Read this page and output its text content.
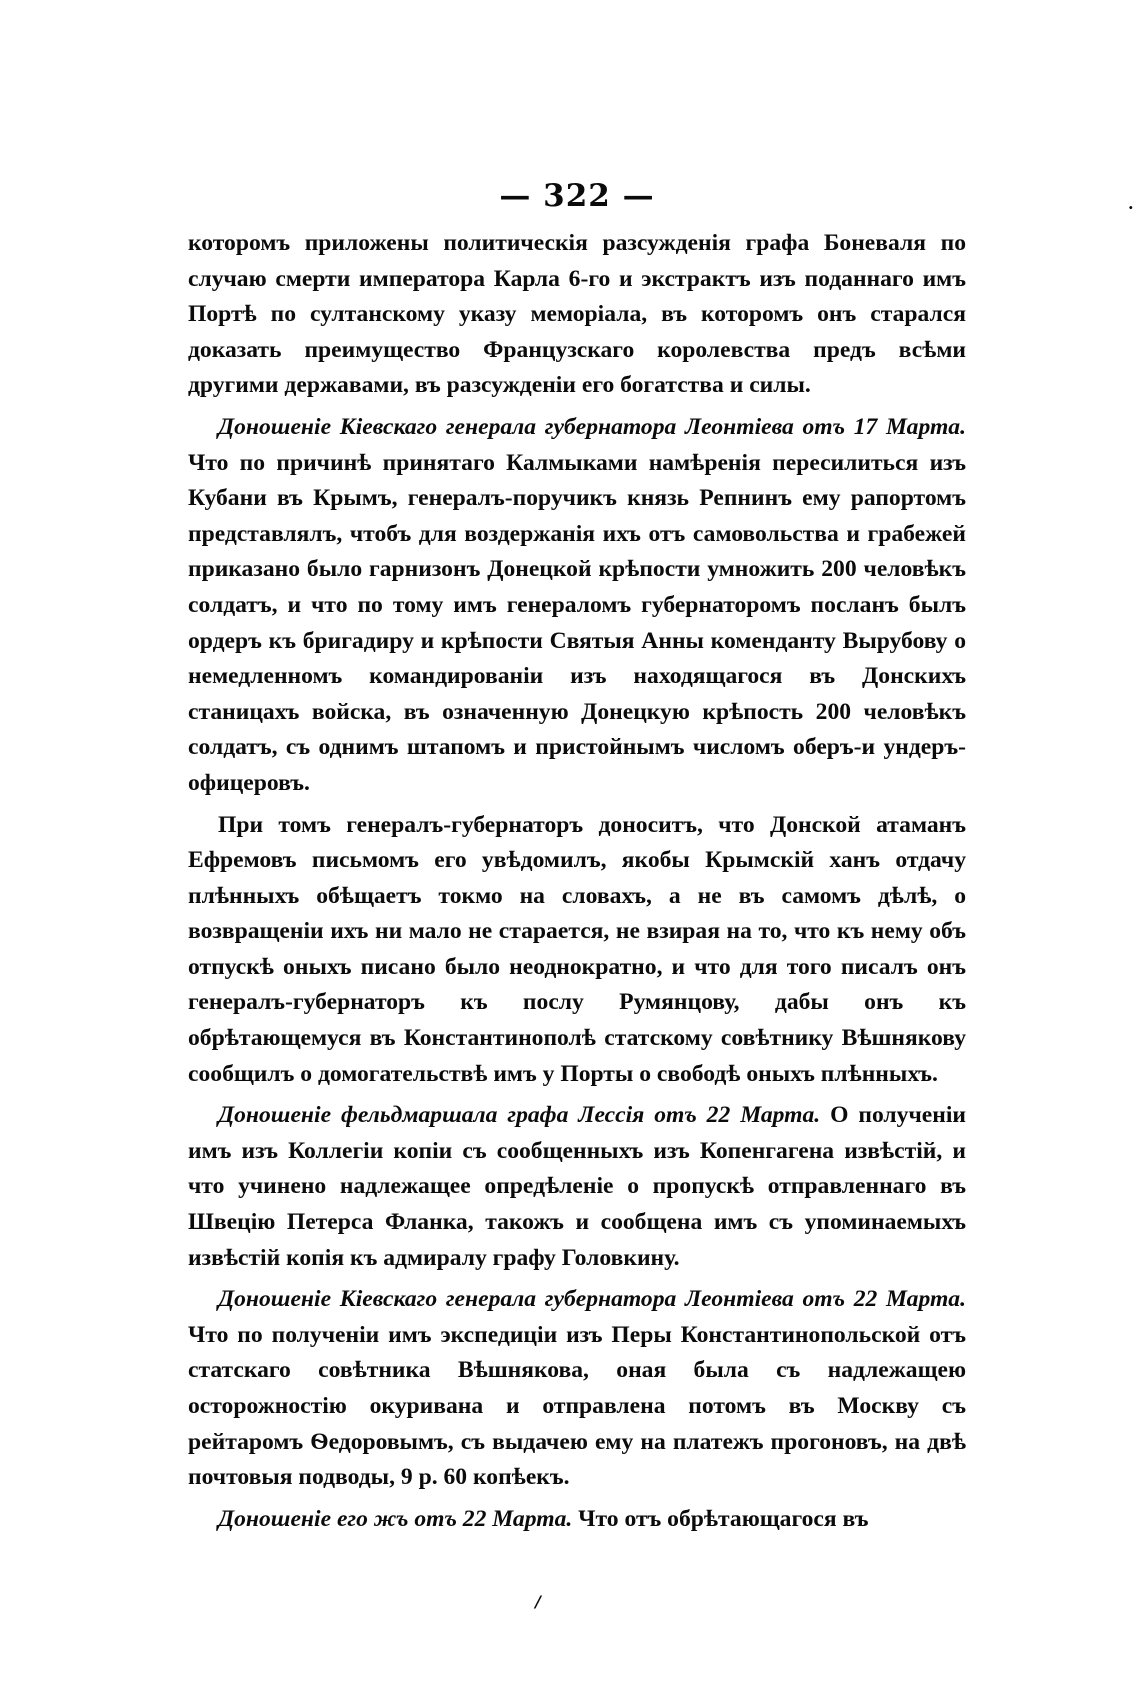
— 322 —

которомъ приложены политическія разсужденія графа Боневаля по случаю смерти императора Карла 6-го и экстрактъ изъ поданнаго имъ Портѣ по султанскому указу меморіала, въ которомъ онъ старался доказать преимущество Французскаго королевства предъ всѣми другими державами, въ разсужденіи его богатства и силы.

Доношеніе Кіевскаго генерала губернатора Леонтіева отъ 17 Марта. Что по причинѣ принятаго Калмыками намѣренія пересилиться изъ Кубани въ Крымъ, генералъ-поручикъ князь Репнинъ ему рапортомъ представлялъ, чтобъ для воздержанія ихъ отъ самовольства и грабежей приказано было гарнизонъ Донецкой крѣпости умножить 200 человѣкъ солдатъ, и что по тому имъ генераломъ губернаторомъ посланъ былъ ордеръ къ бригадиру и крѣпости Святыя Анны коменданту Вырубову о немедленномъ командированіи изъ находящагося въ Донскихъ станицахъ войска, въ означенную Донецкую крѣпость 200 человѣкъ солдатъ, съ однимъ штапомъ и пристойнымъ числомъ оберъ-и ундеръ-офицеровъ.

При томъ генералъ-губернаторъ доноситъ, что Донской атаманъ Ефремовъ письмомъ его увѣдомилъ, якобы Крымскій ханъ отдачу плѣнныхъ обѣщаетъ токмо на словахъ, а не въ самомъ дѣлѣ, о возвращеніи ихъ ни мало не старается, не взирая на то, что къ нему объ отпускѣ оныхъ писано было неоднократно, и что для того писалъ онъ генералъ-губернаторъ къ послу Румянцову, дабы онъ къ обрѣтающемуся въ Константинополѣ статскому совѣтнику Вѣшнякову сообщилъ о домогательствѣ имъ у Порты о свободѣ оныхъ плѣнныхъ.

Доношеніе фельдмаршала графа Лессія отъ 22 Марта. О полученіи имъ изъ Коллегіи копіи съ сообщенныхъ изъ Копенгагена извѣстій, и что учинено надлежащее опредѣленіе о пропускѣ отправленнаго въ Швецію Петерса Фланка, такожъ и сообщена имъ съ упоминаемыхъ извѣстій копія къ адмиралу графу Головкину.

Доношеніе Кіевскаго генерала губернатора Леонтіева отъ 22 Марта. Что по полученіи имъ экспедиціи изъ Перы Константинопольской отъ статскаго совѣтника Вѣшнякова, оная была съ надлежащею осторожностію окуривана и отправлена потомъ въ Москву съ рейтаромъ Ѳедоровымъ, съ выдачею ему на платежъ прогоновъ, на двѣ почтовыя подводы, 9 р. 60 копѣекъ.

Доношеніе его жъ отъ 22 Марта. Что отъ обрѣтающагося въ

·
/
